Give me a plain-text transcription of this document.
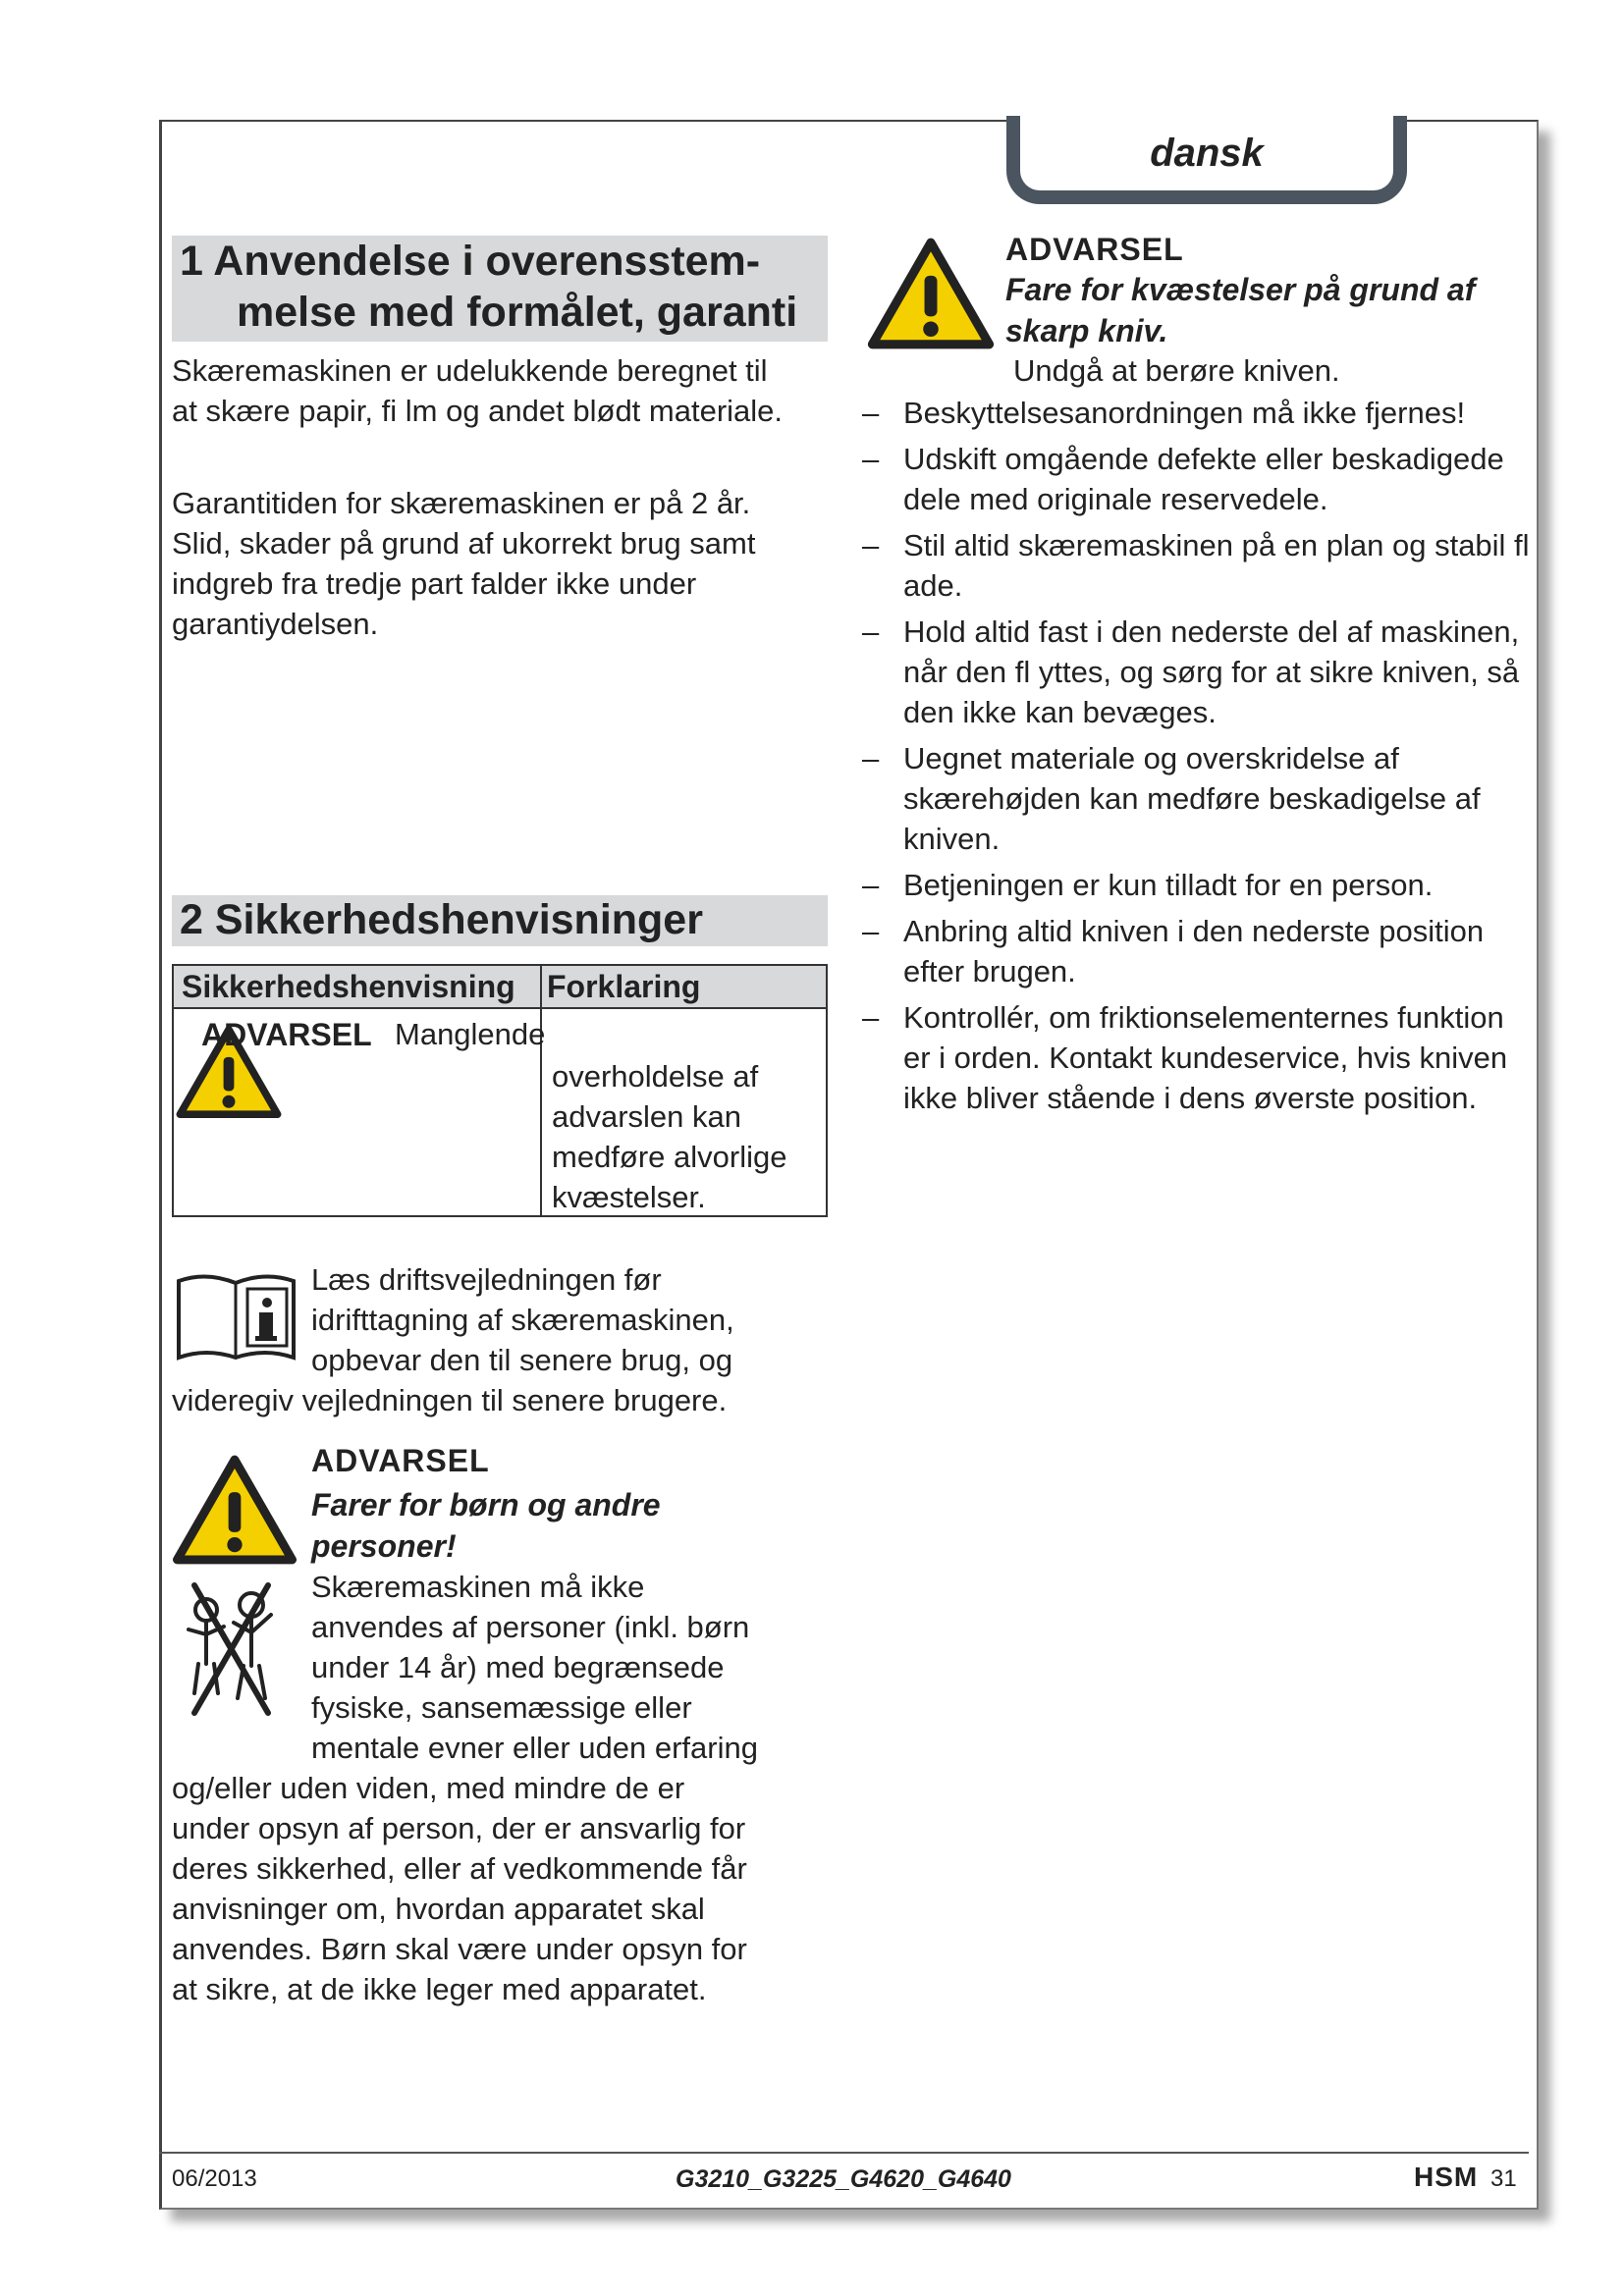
dansk
1 Anvendelse i overensstem-
melse med formålet, garanti
Skæremaskinen er udelukkende beregnet til
at skære papir, fi lm og andet blødt materiale.
Garantitiden for skæremaskinen er på 2 år.
Slid, skader på grund af ukorrekt brug samt
indgreb fra tredje part falder ikke under
garantiydelsen.
2 Sikkerhedshenvisninger
Sikkerhedshenvisning Forklaring
ADVARSEL Manglende
overholdelse af
advarslen kan
medføre alvorlige
kvæstelser.
Læs driftsvejledningen før
idrifttagning af skæremaskinen,
opbevar den til senere brug, og
videregiv vejledningen til senere brugere.
ADVARSEL
Farer for børn og andre
personer!
Skæremaskinen må ikke
anvendes af personer (inkl. børn
under 14 år) med begrænsede
fysiske, sansemæssige eller
mentale evner eller uden erfaring
og/eller uden viden, med mindre de er
under opsyn af person, der er ansvarlig for
deres sikkerhed, eller af vedkommende får
anvisninger om, hvordan apparatet skal
anvendes. Børn skal være under opsyn for
at sikre, at de ikke leger med apparatet.
ADVARSEL
Fare for kvæstelser på grund af
skarp kniv.
Undgå at berøre kniven.
– Beskyttelsesanordningen må ikke fjernes!
– Udskift omgående defekte eller beskadigede dele med originale reservedele.
– Stil altid skæremaskinen på en plan og stabil fl ade.
– Hold altid fast i den nederste del af maskinen, når den fl yttes, og sørg for at sikre kniven, så den ikke kan bevæges.
– Uegnet materiale og overskridelse af skærehøjden kan medføre beskadigelse af kniven.
– Betjeningen er kun tilladt for en person.
– Anbring altid kniven i den nederste position efter brugen.
– Kontrollér, om friktionselementernes funktion er i orden. Kontakt kundeservice, hvis kniven ikke bliver stående i dens øverste position.
06/2013	G3210_G3225_G4620_G4640	HSM 31
